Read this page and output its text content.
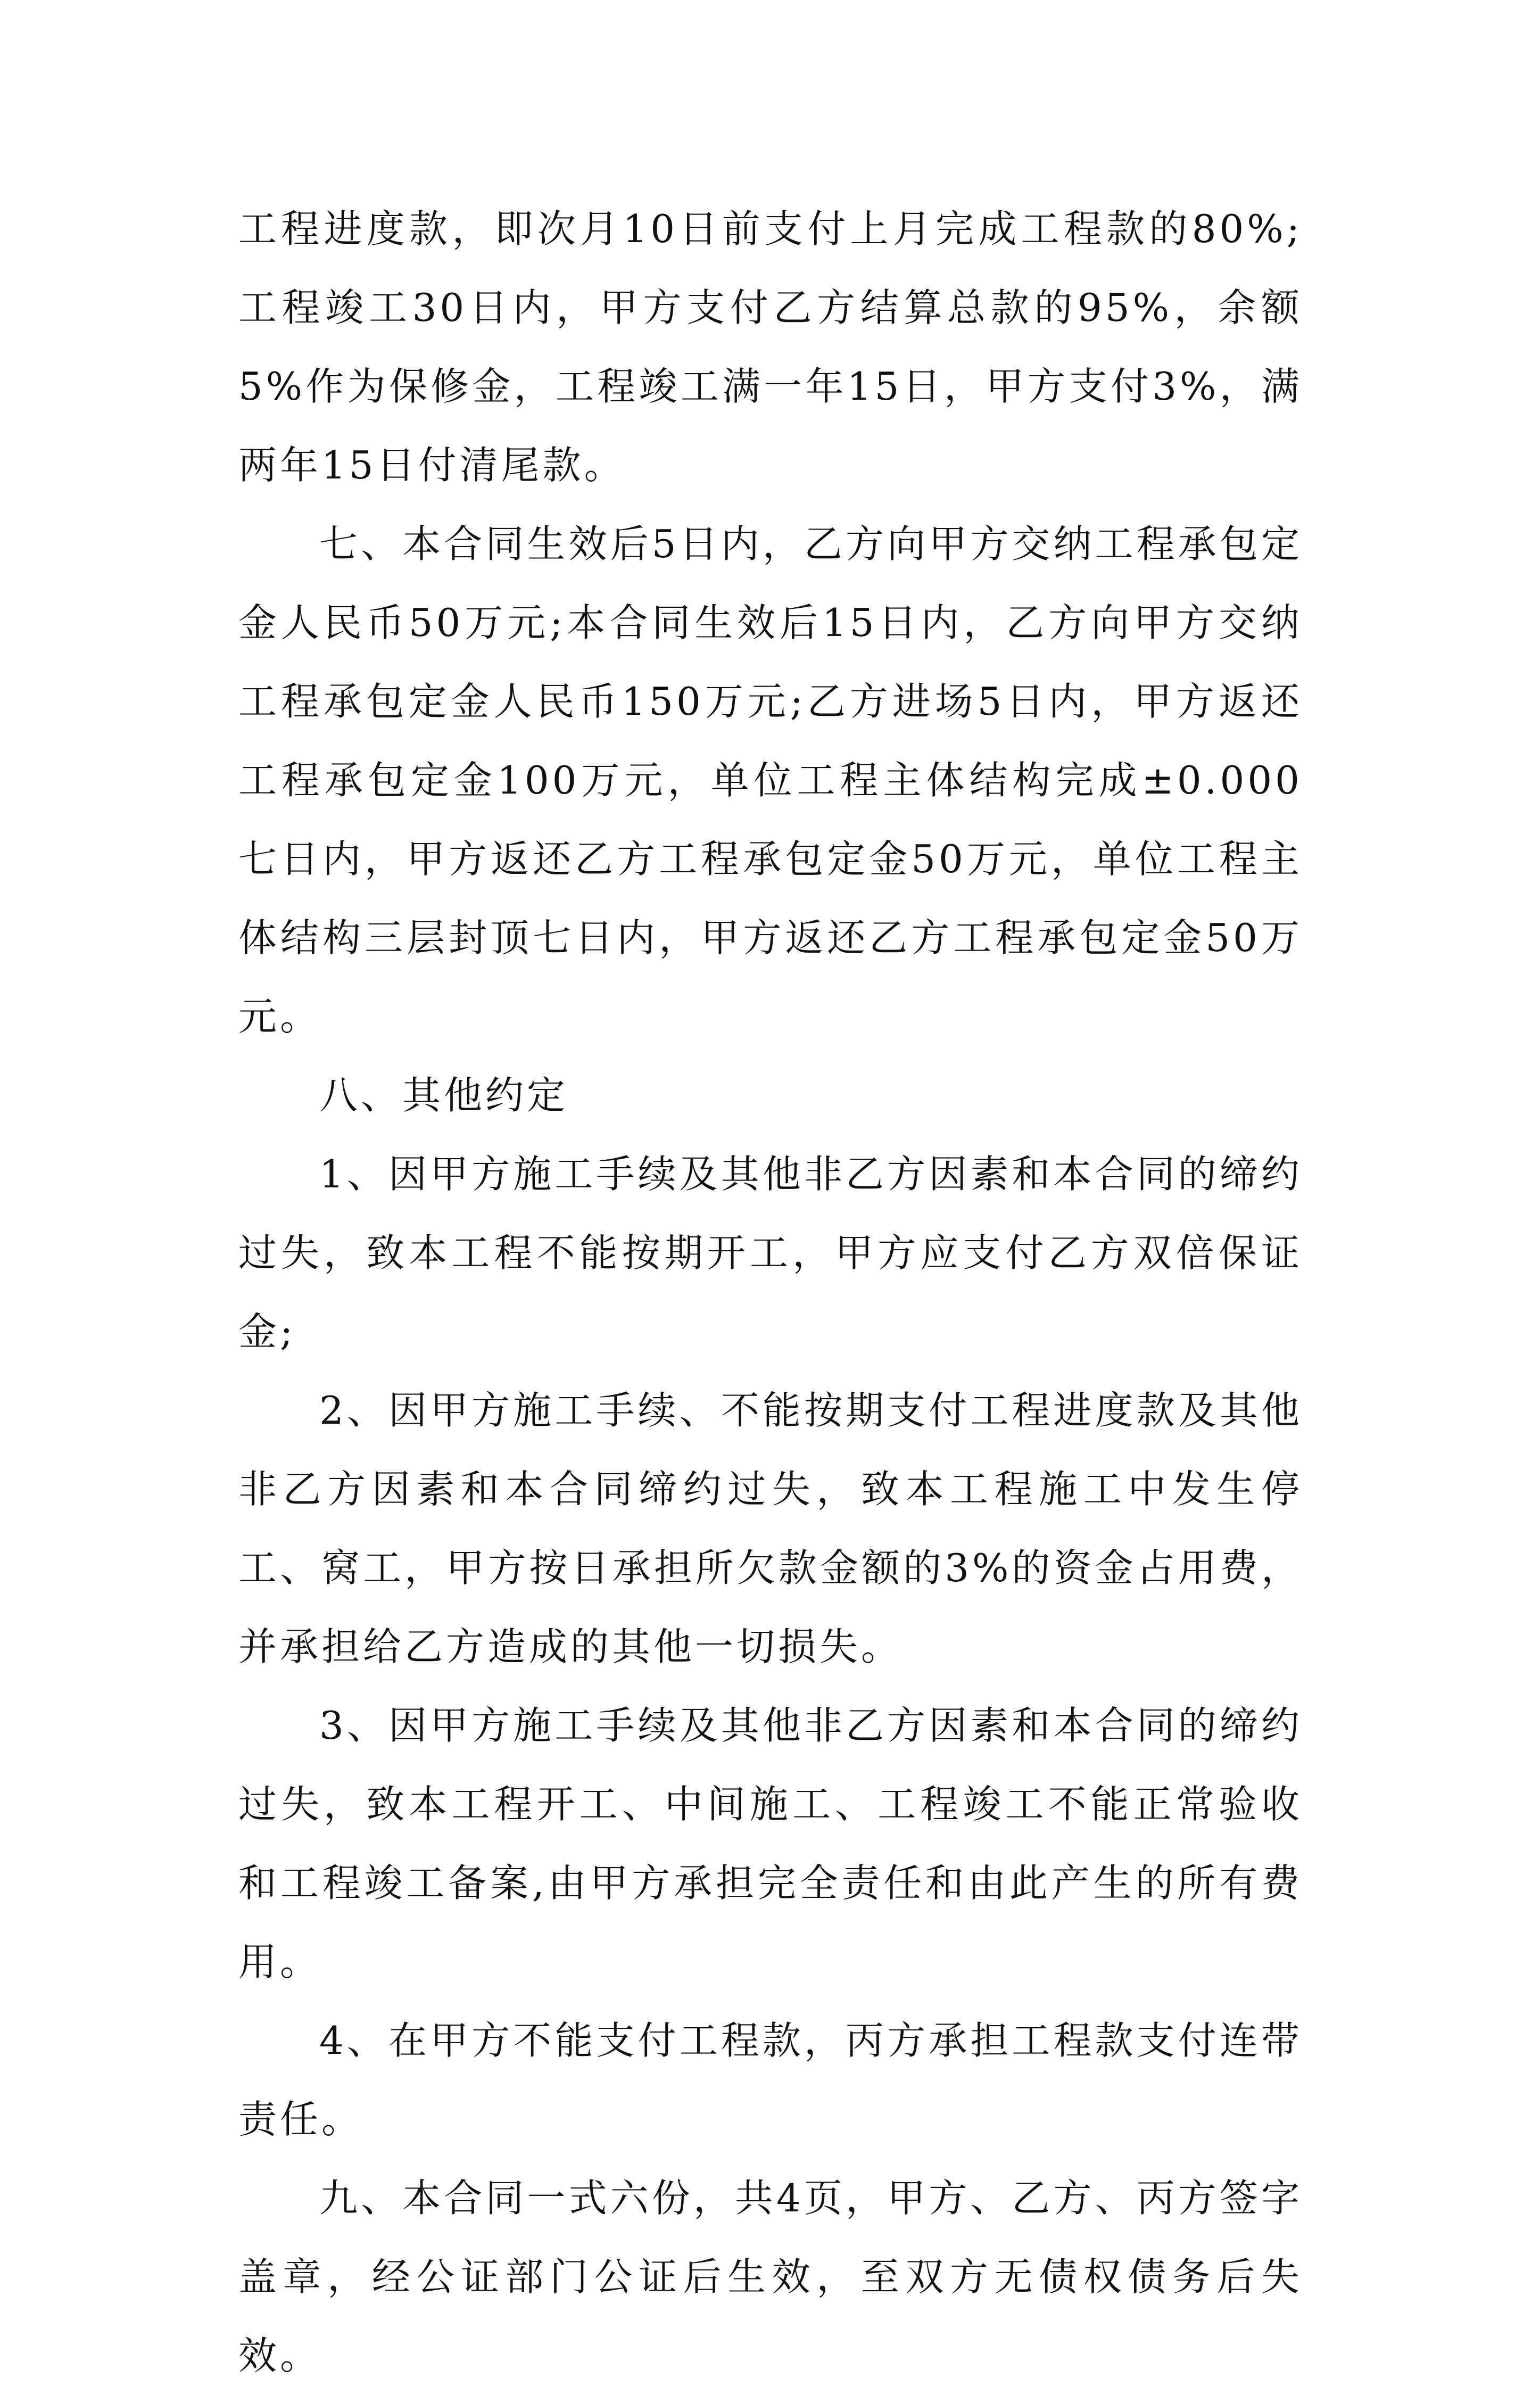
工程进度款，即次月10日前支付上月完成工程款的80%;工程竣工30日内，甲方支付乙方结算总款的95%，余额5%作为保修金，工程竣工满一年15日，甲方支付3%，满两年15日付清尾款。

七、本合同生效后5日内，乙方向甲方交纳工程承包定金人民币50万元;本合同生效后15日内，乙方向甲方交纳工程承包定金人民币150万元;乙方进场5日内，甲方返还工程承包定金100万元，单位工程主体结构完成±0.000七日内，甲方返还乙方工程承包定金50万元，单位工程主体结构三层封顶七日内，甲方返还乙方工程承包定金50万元。

八、其他约定

1、因甲方施工手续及其他非乙方因素和本合同的缔约过失，致本工程不能按期开工，甲方应支付乙方双倍保证金;

2、因甲方施工手续、不能按期支付工程进度款及其他非乙方因素和本合同缔约过失，致本工程施工中发生停工、窝工，甲方按日承担所欠款金额的3%的资金占用费，并承担给乙方造成的其他一切损失。

3、因甲方施工手续及其他非乙方因素和本合同的缔约过失，致本工程开工、中间施工、工程竣工不能正常验收和工程竣工备案,由甲方承担完全责任和由此产生的所有费用。

4、在甲方不能支付工程款，丙方承担工程款支付连带责任。

九、本合同一式六份，共4页，甲方、乙方、丙方签字盖章，经公证部门公证后生效，至双方无债权债务后失效。
